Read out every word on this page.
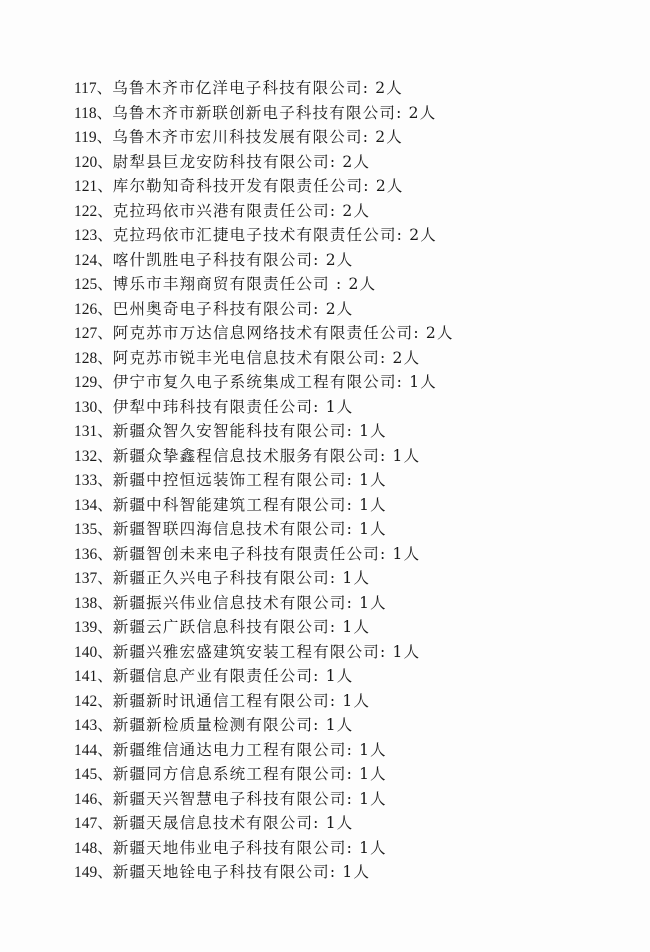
117、乌鲁木齐市亿洋电子科技有限公司: 2人
118、乌鲁木齐市新联创新电子科技有限公司: 2人
119、乌鲁木齐市宏川科技发展有限公司: 2人
120、尉犁县巨龙安防科技有限公司: 2人
121、库尔勒知奇科技开发有限责任公司: 2人
122、克拉玛依市兴港有限责任公司: 2人
123、克拉玛依市汇捷电子技术有限责任公司: 2人
124、喀什凯胜电子科技有限公司: 2人
125、博乐市丰翔商贸有限责任公司 : 2人
126、巴州奥奇电子科技有限公司: 2人
127、阿克苏市万达信息网络技术有限责任公司: 2人
128、阿克苏市锐丰光电信息技术有限公司: 2人
129、伊宁市复久电子系统集成工程有限公司: 1人
130、伊犁中玮科技有限责任公司: 1人
131、新疆众智久安智能科技有限公司: 1人
132、新疆众挚鑫程信息技术服务有限公司: 1人
133、新疆中控恒远装饰工程有限公司: 1人
134、新疆中科智能建筑工程有限公司: 1人
135、新疆智联四海信息技术有限公司: 1人
136、新疆智创未来电子科技有限责任公司: 1人
137、新疆正久兴电子科技有限公司: 1人
138、新疆振兴伟业信息技术有限公司: 1人
139、新疆云广跃信息科技有限公司: 1人
140、新疆兴雅宏盛建筑安装工程有限公司: 1人
141、新疆信息产业有限责任公司: 1人
142、新疆新时讯通信工程有限公司: 1人
143、新疆新检质量检测有限公司: 1人
144、新疆维信通达电力工程有限公司: 1人
145、新疆同方信息系统工程有限公司: 1人
146、新疆天兴智慧电子科技有限公司: 1人
147、新疆天晟信息技术有限公司: 1人
148、新疆天地伟业电子科技有限公司: 1人
149、新疆天地铨电子科技有限公司: 1人
